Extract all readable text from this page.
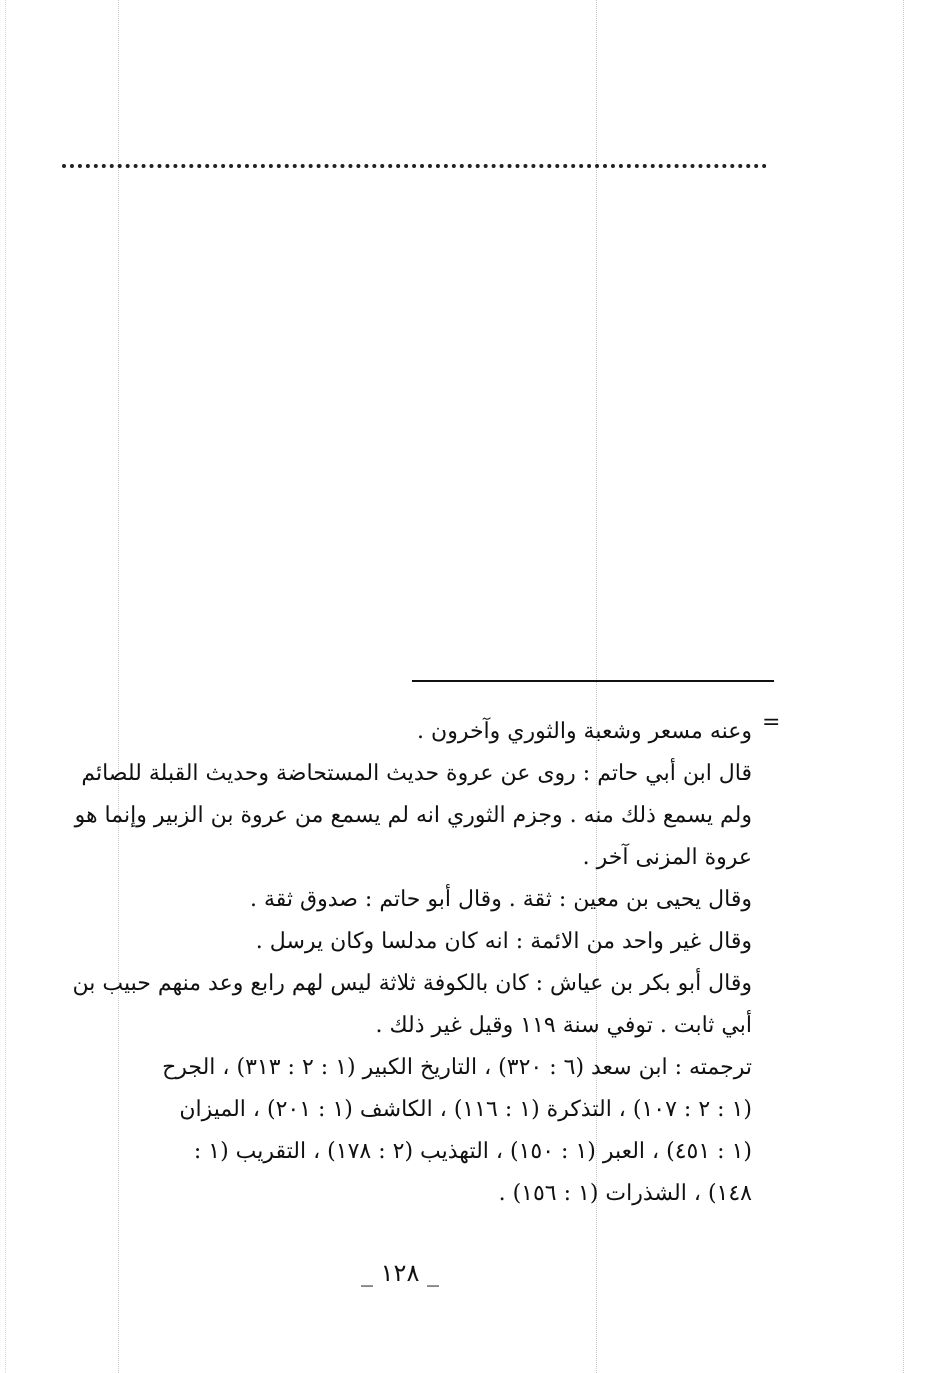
=
وعنه مسعر وشعبة والثوري وآخرون .
قال ابن أبي حاتم : روى عن عروة حديث المستحاضة وحديث القبلة للصائم
ولم يسمع ذلك منه . وجزم الثوري انه لم يسمع من عروة بن الزبير وإنما هو
عروة المزنى آخر .
وقال يحيى بن معين : ثقة . وقال أبو حاتم : صدوق ثقة .
وقال غير واحد من الائمة : انه كان مدلسا وكان يرسل .
وقال أبو بكر بن عياش : كان بالكوفة ثلاثة ليس لهم رابع وعد منهم حبيب بن
أبي ثابت . توفي سنة ١١٩ وقيل غير ذلك .
ترجمته : ابن سعد (٦ : ٣٢٠) ، التاريخ الكبير (١ : ٢ : ٣١٣) ، الجرح
(١ : ٢ : ١٠٧) ، التذكرة (١ : ١١٦) ، الكاشف (١ : ٢٠١) ، الميزان
(١ : ٤٥١) ، العبر (١ : ١٥٠) ، التهذيب (٢ : ١٧٨) ، التقريب (١ :
١٤٨) ، الشذرات (١ : ١٥٦) .
_ ١٢٨ _
